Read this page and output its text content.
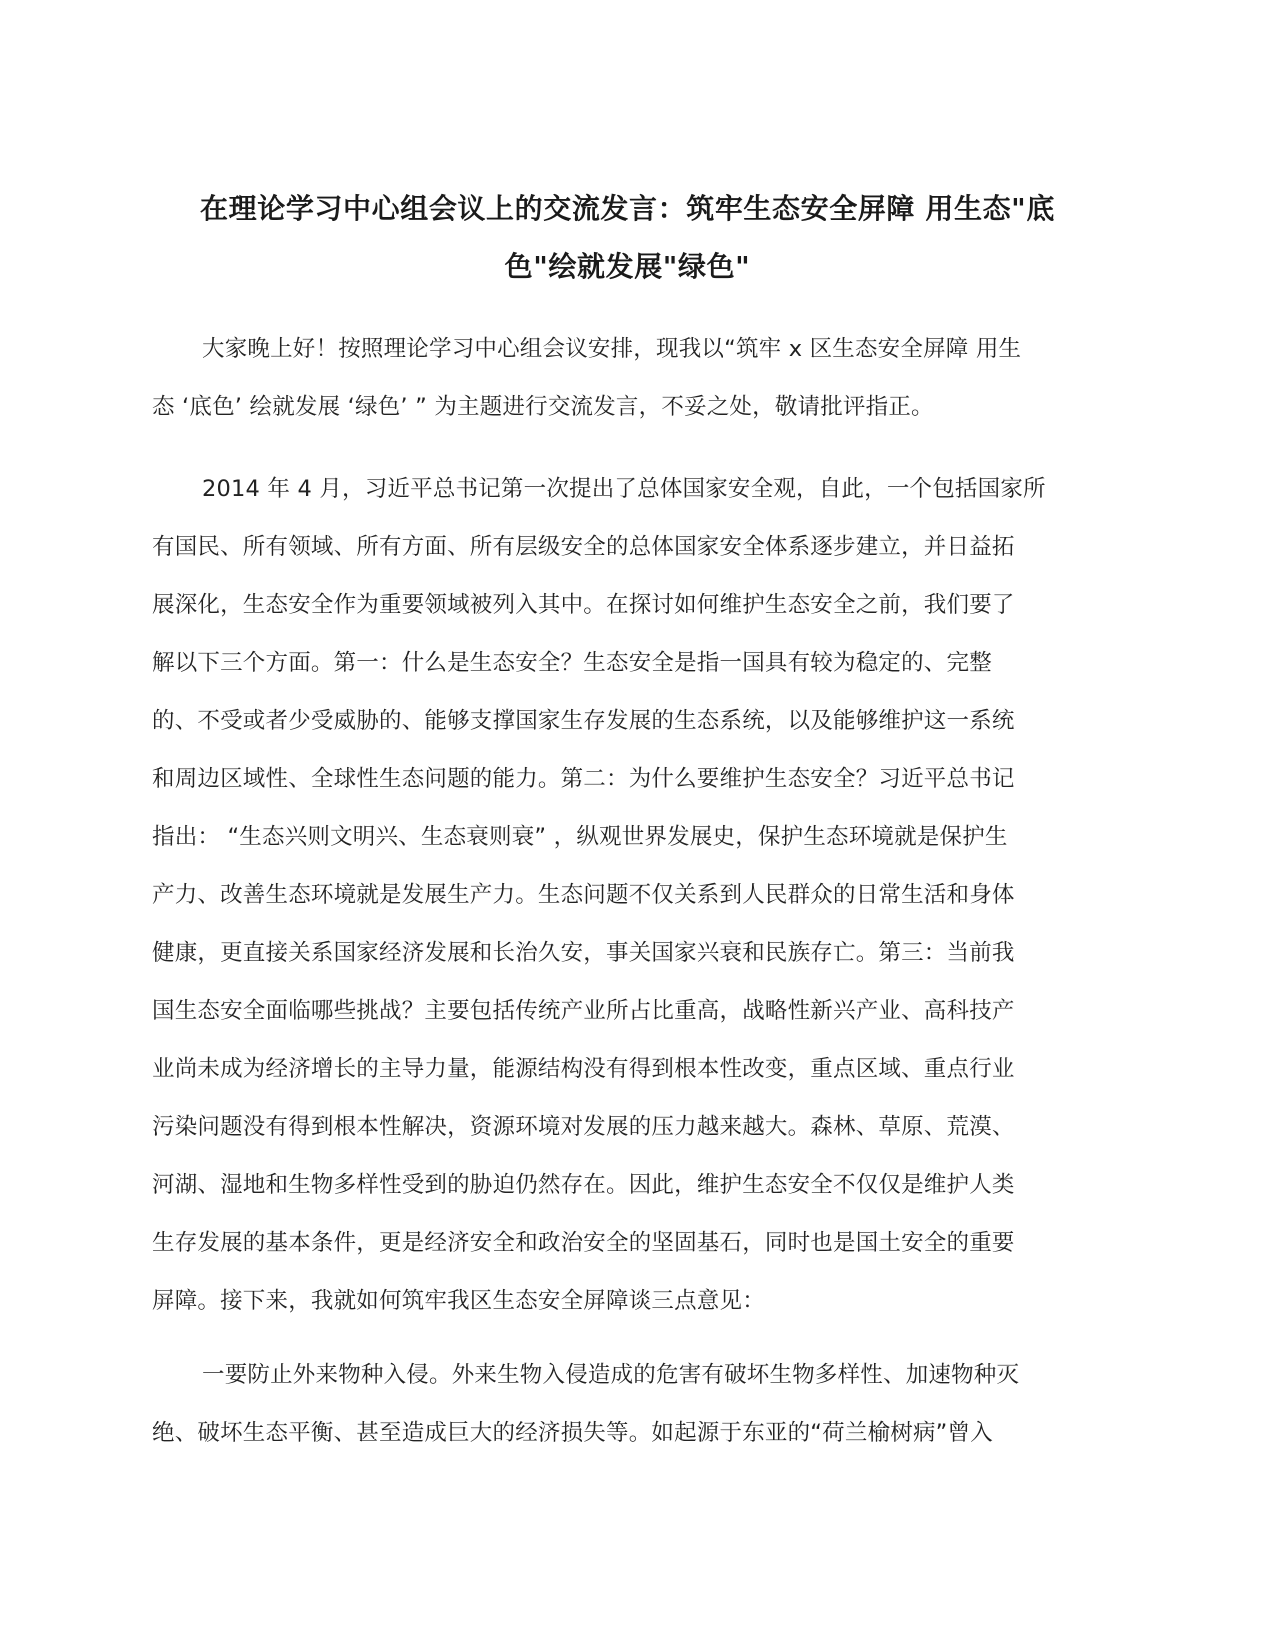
在理论学习中心组会议上的交流发言：筑牢生态安全屏障 用生态"底
色"绘就发展"绿色"
大家晚上好！按照理论学习中心组会议安排，现我以“筑牢 x 区生态安全屏障 用生
态 ‘底色’ 绘就发展 ‘绿色’ ” 为主题进行交流发言，不妥之处，敬请批评指正。
2014 年 4 月，习近平总书记第一次提出了总体国家安全观，自此，一个包括国家所
有国民、所有领域、所有方面、所有层级安全的总体国家安全体系逐步建立，并日益拓
展深化，生态安全作为重要领域被列入其中。在探讨如何维护生态安全之前，我们要了
解以下三个方面。第一：什么是生态安全？生态安全是指一国具有较为稳定的、完整
的、不受或者少受威胁的、能够支撑国家生存发展的生态系统，以及能够维护这一系统
和周边区域性、全球性生态问题的能力。第二：为什么要维护生态安全？习近平总书记
指出： “生态兴则文明兴、生态衰则衰” ，纵观世界发展史，保护生态环境就是保护生
产力、改善生态环境就是发展生产力。生态问题不仅关系到人民群众的日常生活和身体
健康，更直接关系国家经济发展和长治久安，事关国家兴衰和民族存亡。第三：当前我
国生态安全面临哪些挑战？主要包括传统产业所占比重高，战略性新兴产业、高科技产
业尚未成为经济增长的主导力量，能源结构没有得到根本性改变，重点区域、重点行业
污染问题没有得到根本性解决，资源环境对发展的压力越来越大。森林、草原、荒漠、
河湖、湿地和生物多样性受到的胁迫仍然存在。因此，维护生态安全不仅仅是维护人类
生存发展的基本条件，更是经济安全和政治安全的坚固基石，同时也是国土安全的重要
屏障。接下来，我就如何筑牢我区生态安全屏障谈三点意见：
一要防止外来物种入侵。外来生物入侵造成的危害有破坏生物多样性、加速物种灭
绝、破坏生态平衡、甚至造成巨大的经济损失等。如起源于东亚的“荷兰榆树病”曾入
